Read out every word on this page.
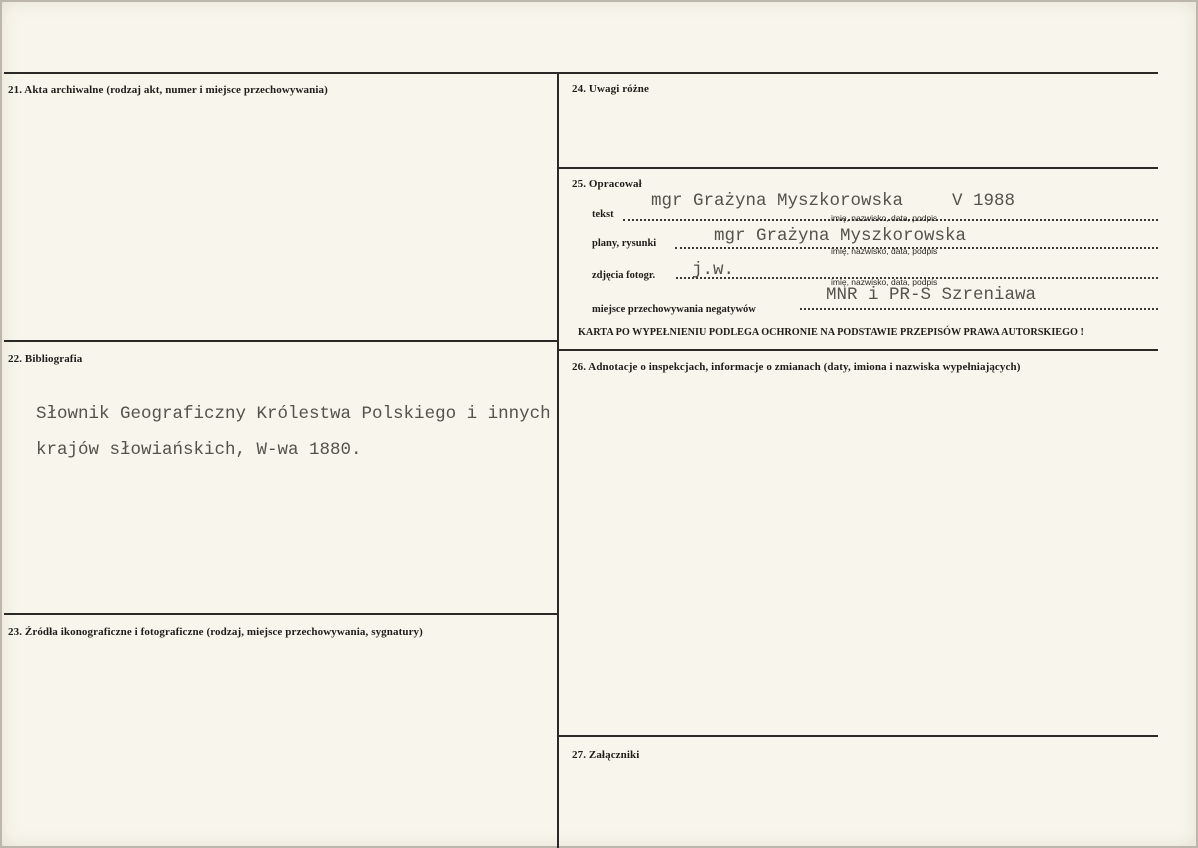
21. Akta archiwalne (rodzaj akt, numer i miejsce przechowywania)
22. Bibliografia
Słownik Geograficzny Królestwa Polskiego i innych
krajów słowiańskich, W-wa 1880.
23. Źródła ikonograficzne i fotograficzne (rodzaj, miejsce przechowywania, sygnatury)
24. Uwagi różne
25. Opracował
tekst
mgr Grażyna Myszkorowska	V 1988
imię, nazwisko, data, podpis
plany, rysunki	mgr Grażyna Myszkorowska
imię, nazwisko, data, podpis
zdjęcia fotogr. j.w.
imię, nazwisko, data, podpis
miejsce przechowywania negatywów
MNR i PR-S Szreniawa
KARTA PO WYPEŁNIENIU PODLEGA OCHRONIE NA PODSTAWIE PRZEPISÓW PRAWA AUTORSKIEGO !
26. Adnotacje o inspekcjach, informacje o zmianach (daty, imiona i nazwiska wypełniających)
27. Załączniki
